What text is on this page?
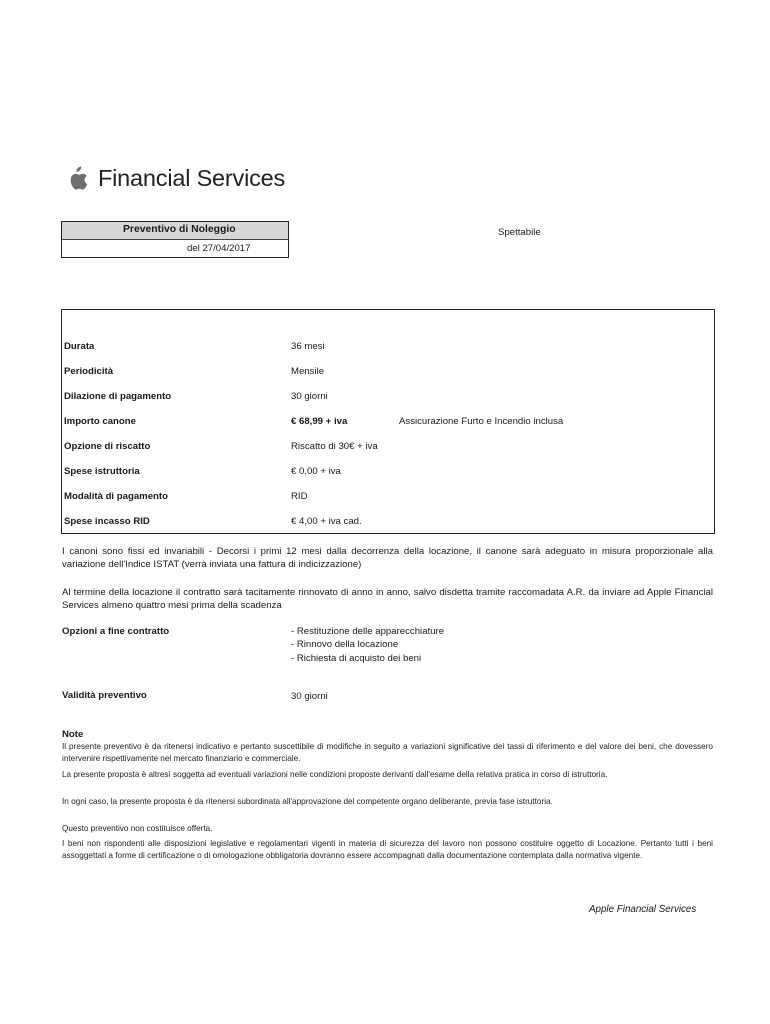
Financial Services
Preventivo di Noleggio
del 27/04/2017
Spettabile
Durata	36 mesi
Periodicità	Mensile
Dilazione di pagamento	30 giorni
Importo canone	€ 68,99 + iva	Assicurazione Furto e Incendio inclusa
Opzione di riscatto	Riscatto di 30€ + iva
Spese istruttoria	€ 0,00 + iva
Modalità di pagamento	RID
Spese incasso RID	€ 4,00 + iva cad.
I canoni sono fissi ed invariabili - Decorsi i primi 12 mesi dalla decorrenza della locazione, il canone sarà adeguato in misura proporzionale alla variazione dell'Indice ISTAT (verrà inviata una fattura di indicizzazione)
Al termine della locazione il contratto sarà tacitamente rinnovato di anno in anno, salvo disdetta tramite raccomadata A.R. da inviare ad Apple Financial Services almeno quattro mesi prima della scadenza
Opzioni a fine contratto	- Restituzione delle apparecchiature
- Rinnovo della locazione
- Richiesta di acquisto dei beni
Validità preventivo	30 giorni
Note
Il presente preventivo è da ritenersi indicativo e pertanto suscettibile di modifiche in seguito a variazioni significative dei tassi di riferimento e del valore dei beni, che dovessero intervenire rispettivamente nel mercato finanziario e commerciale.
La presente proposta è altresì soggetta ad eventuali variazioni nelle condizioni proposte derivanti dall'esame della relativa pratica in corso di istruttoria.
In ogni caso, la presente proposta è da ritenersi subordinata all'approvazione del competente organo deliberante, previa fase istruttoria.
Questo preventivo non costituisce offerta.
I beni non rispondenti alle disposizioni legislative e regolamentari vigenti in materia di sicurezza del lavoro non possono costituire oggetto di Locazione. Pertanto tutti i beni assoggettati a forme di certificazione o di omologazione obbligatoria dovranno essere accompagnati dalla documentazione contemplata dalla normativa vigente.
Apple Financial Services
